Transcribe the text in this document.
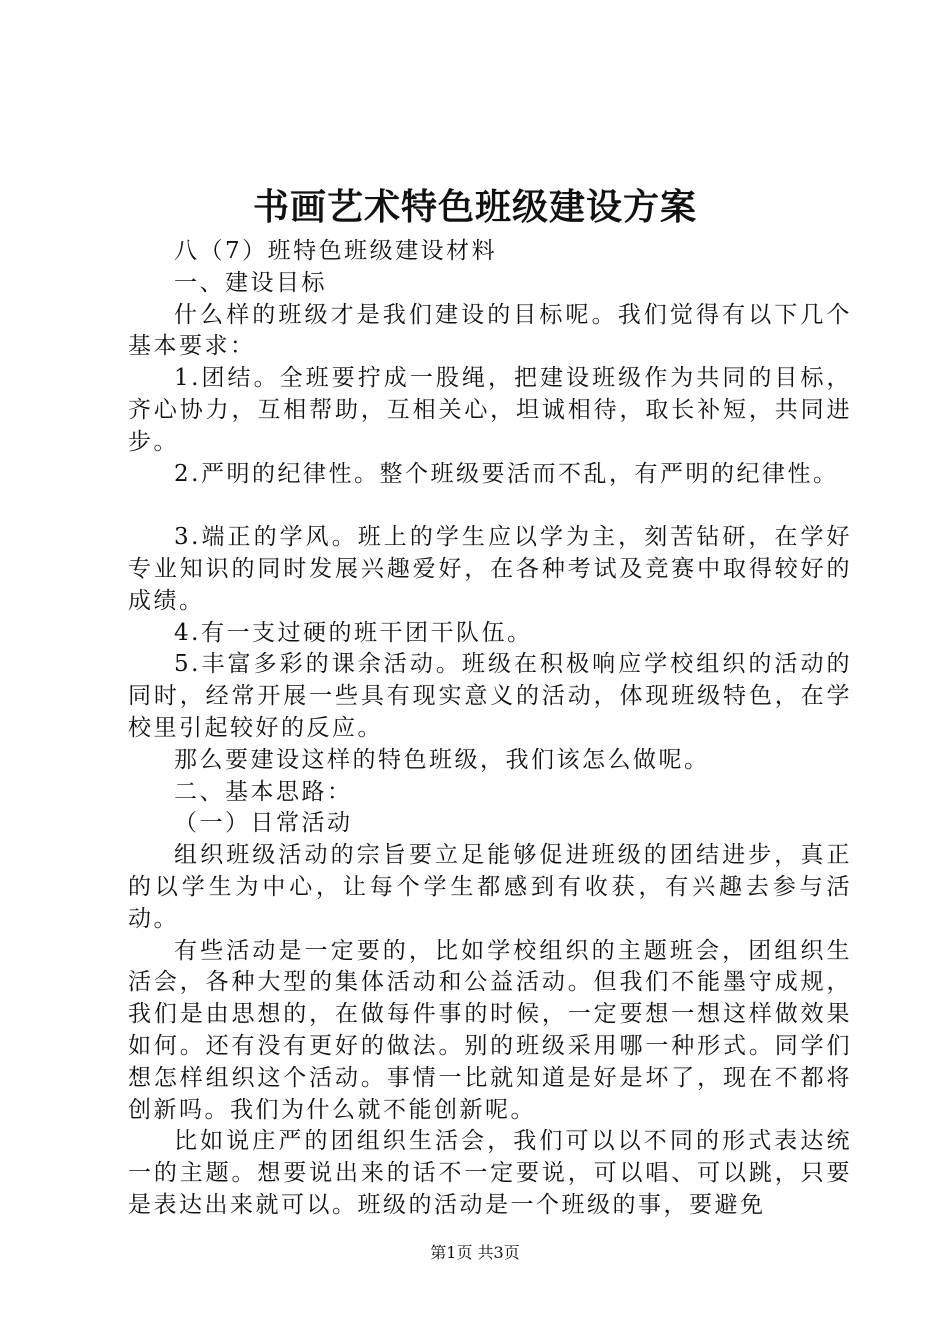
书画艺术特色班级建设方案

八（7）班特色班级建设材料

一、建设目标

什么样的班级才是我们建设的目标呢。我们觉得有以下几个基本要求：

1.团结。全班要拧成一股绳，把建设班级作为共同的目标，齐心协力，互相帮助，互相关心，坦诚相待，取长补短，共同进步。

2.严明的纪律性。整个班级要活而不乱，有严明的纪律性。

3.端正的学风。班上的学生应以学为主，刻苦钻研，在学好专业知识的同时发展兴趣爱好，在各种考试及竞赛中取得较好的成绩。

4.有一支过硬的班干团干队伍。

5.丰富多彩的课余活动。班级在积极响应学校组织的活动的同时，经常开展一些具有现实意义的活动，体现班级特色，在学校里引起较好的反应。

那么要建设这样的特色班级，我们该怎么做呢。

二、基本思路：

（一）日常活动

组织班级活动的宗旨要立足能够促进班级的团结进步，真正的以学生为中心，让每个学生都感到有收获，有兴趣去参与活动。

有些活动是一定要的，比如学校组织的主题班会，团组织生活会，各种大型的集体活动和公益活动。但我们不能墨守成规，我们是由思想的，在做每件事的时候，一定要想一想这样做效果如何。还有没有更好的做法。别的班级采用哪一种形式。同学们想怎样组织这个活动。事情一比就知道是好是坏了，现在不都将创新吗。我们为什么就不能创新呢。

比如说庄严的团组织生活会，我们可以以不同的形式表达统一的主题。想要说出来的话不一定要说，可以唱、可以跳，只要是表达出来就可以。班级的活动是一个班级的事，要避免

第1页 共3页
